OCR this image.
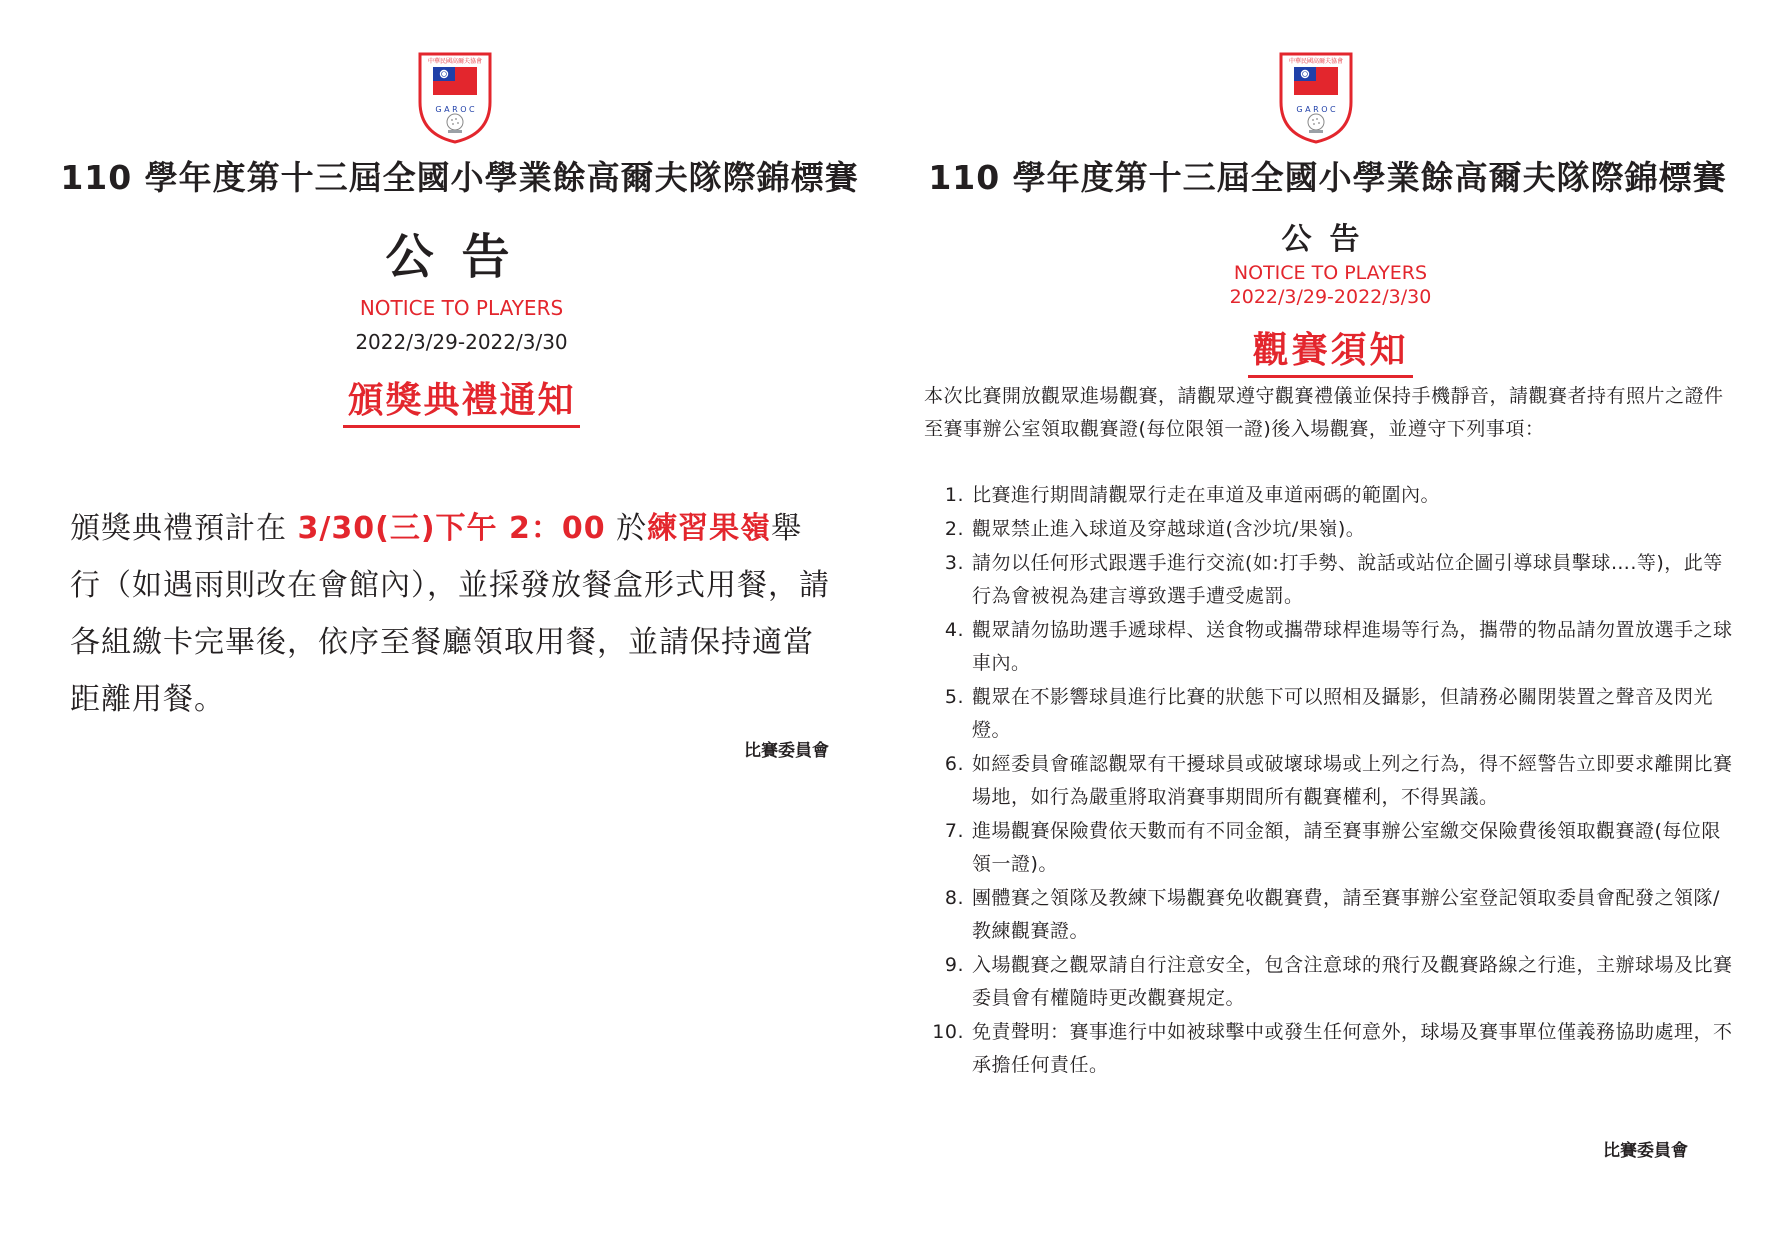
中華民國高爾夫協會
G A R O C
110 學年度第十三屆全國小學業餘高爾夫隊際錦標賽
公告
NOTICE TO PLAYERS
2022/3/29-2022/3/30
頒獎典禮通知
頒獎典禮預計在 3/30(三)下午 2：00 於練習果嶺舉行（如遇雨則改在會館內），並採發放餐盒形式用餐，請各組繳卡完畢後，依序至餐廳領取用餐，並請保持適當距離用餐。
比賽委員會
中華民國高爾夫協會
G A R O C
110 學年度第十三屆全國小學業餘高爾夫隊際錦標賽
公告
NOTICE TO PLAYERS
2022/3/29-2022/3/30
觀賽須知
本次比賽開放觀眾進場觀賽，請觀眾遵守觀賽禮儀並保持手機靜音，請觀賽者持有照片之證件至賽事辦公室領取觀賽證(每位限領一證)後入場觀賽，並遵守下列事項：
1. 比賽進行期間請觀眾行走在車道及車道兩碼的範圍內。
2. 觀眾禁止進入球道及穿越球道(含沙坑/果嶺)。
3. 請勿以任何形式跟選手進行交流(如:打手勢、說話或站位企圖引導球員擊球….等)，此等行為會被視為建言導致選手遭受處罰。
4. 觀眾請勿協助選手遞球桿、送食物或攜帶球桿進場等行為，攜帶的物品請勿置放選手之球車內。
5. 觀眾在不影響球員進行比賽的狀態下可以照相及攝影，但請務必關閉裝置之聲音及閃光燈。
6. 如經委員會確認觀眾有干擾球員或破壞球場或上列之行為，得不經警告立即要求離開比賽場地，如行為嚴重將取消賽事期間所有觀賽權利，不得異議。
7. 進場觀賽保險費依天數而有不同金額，請至賽事辦公室繳交保險費後領取觀賽證(每位限領一證)。
8. 團體賽之領隊及教練下場觀賽免收觀賽費，請至賽事辦公室登記領取委員會配發之領隊/教練觀賽證。
9. 入場觀賽之觀眾請自行注意安全，包含注意球的飛行及觀賽路線之行進，主辦球場及比賽委員會有權隨時更改觀賽規定。
10. 免責聲明：賽事進行中如被球擊中或發生任何意外，球場及賽事單位僅義務協助處理，不承擔任何責任。
比賽委員會
